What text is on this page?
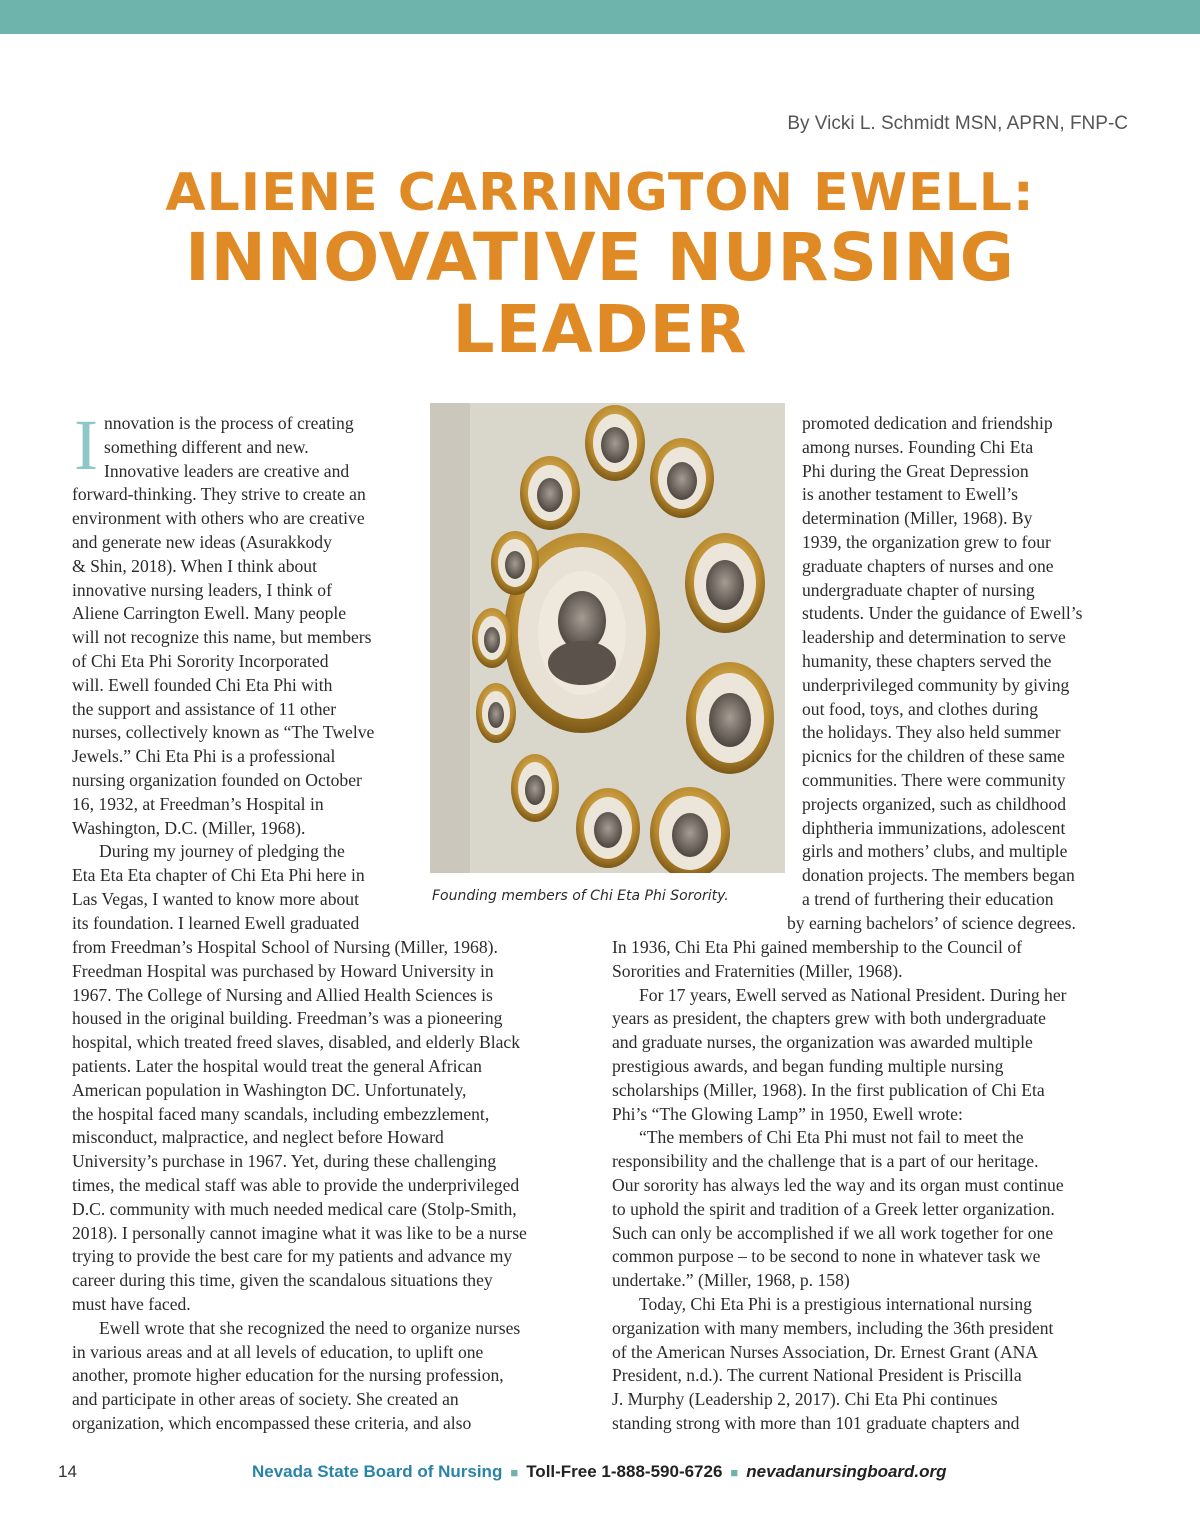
By Vicki L. Schmidt MSN, APRN, FNP-C
ALIENE CARRINGTON EWELL:
INNOVATIVE NURSING
LEADER
I nnovation is the process of creating
something different and new.
Innovative leaders are creative and
forward-thinking. They strive to create an
environment with others who are creative
and generate new ideas (Asurakkody
& Shin, 2018). When I think about
innovative nursing leaders, I think of
Aliene Carrington Ewell. Many people
will not recognize this name, but members
of Chi Eta Phi Sorority Incorporated
will. Ewell founded Chi Eta Phi with
the support and assistance of 11 other
nurses, collectively known as “The Twelve
Jewels.” Chi Eta Phi is a professional
nursing organization founded on October
16, 1932, at Freedman’s Hospital in
Washington, D.C. (Miller, 1968).
During my journey of pledging the
Eta Eta Eta chapter of Chi Eta Phi here in
Las Vegas, I wanted to know more about
its foundation. I learned Ewell graduated
Founding members of Chi Eta Phi Sorority.
promoted dedication and friendship
among nurses. Founding Chi Eta
Phi during the Great Depression
is another testament to Ewell’s
determination (Miller, 1968). By
1939, the organization grew to four
graduate chapters of nurses and one
undergraduate chapter of nursing
students. Under the guidance of Ewell’s
leadership and determination to serve
humanity, these chapters served the
underprivileged community by giving
out food, toys, and clothes during
the holidays. They also held summer
picnics for the children of these same
communities. There were community
projects organized, such as childhood
diphtheria immunizations, adolescent
girls and mothers’ clubs, and multiple
donation projects. The members began
a trend of furthering their education
by earning bachelors’ of science degrees.
from Freedman’s Hospital School of Nursing (Miller, 1968).
Freedman Hospital was purchased by Howard University in
1967. The College of Nursing and Allied Health Sciences is
housed in the original building. Freedman’s was a pioneering
hospital, which treated freed slaves, disabled, and elderly Black
patients. Later the hospital would treat the general African
American population in Washington DC. Unfortunately,
the hospital faced many scandals, including embezzlement,
misconduct, malpractice, and neglect before Howard
University’s purchase in 1967. Yet, during these challenging
times, the medical staff was able to provide the underprivileged
D.C. community with much needed medical care (Stolp-Smith,
2018). I personally cannot imagine what it was like to be a nurse
trying to provide the best care for my patients and advance my
career during this time, given the scandalous situations they
must have faced.
Ewell wrote that she recognized the need to organize nurses
in various areas and at all levels of education, to uplift one
another, promote higher education for the nursing profession,
and participate in other areas of society. She created an
organization, which encompassed these criteria, and also
In 1936, Chi Eta Phi gained membership to the Council of
Sororities and Fraternities (Miller, 1968).
For 17 years, Ewell served as National President. During her
years as president, the chapters grew with both undergraduate
and graduate nurses, the organization was awarded multiple
prestigious awards, and began funding multiple nursing
scholarships (Miller, 1968). In the first publication of Chi Eta
Phi’s “The Glowing Lamp” in 1950, Ewell wrote:
“The members of Chi Eta Phi must not fail to meet the
responsibility and the challenge that is a part of our heritage.
Our sorority has always led the way and its organ must continue
to uphold the spirit and tradition of a Greek letter organization.
Such can only be accomplished if we all work together for one
common purpose – to be second to none in whatever task we
undertake.” (Miller, 1968, p. 158)
Today, Chi Eta Phi is a prestigious international nursing
organization with many members, including the 36th president
of the American Nurses Association, Dr. Ernest Grant (ANA
President, n.d.). The current National President is Priscilla
J. Murphy (Leadership 2, 2017). Chi Eta Phi continues
standing strong with more than 101 graduate chapters and
14	Nevada State Board of Nursing ■ Toll-Free 1-888-590-6726 ■ nevadanursingboard.org
